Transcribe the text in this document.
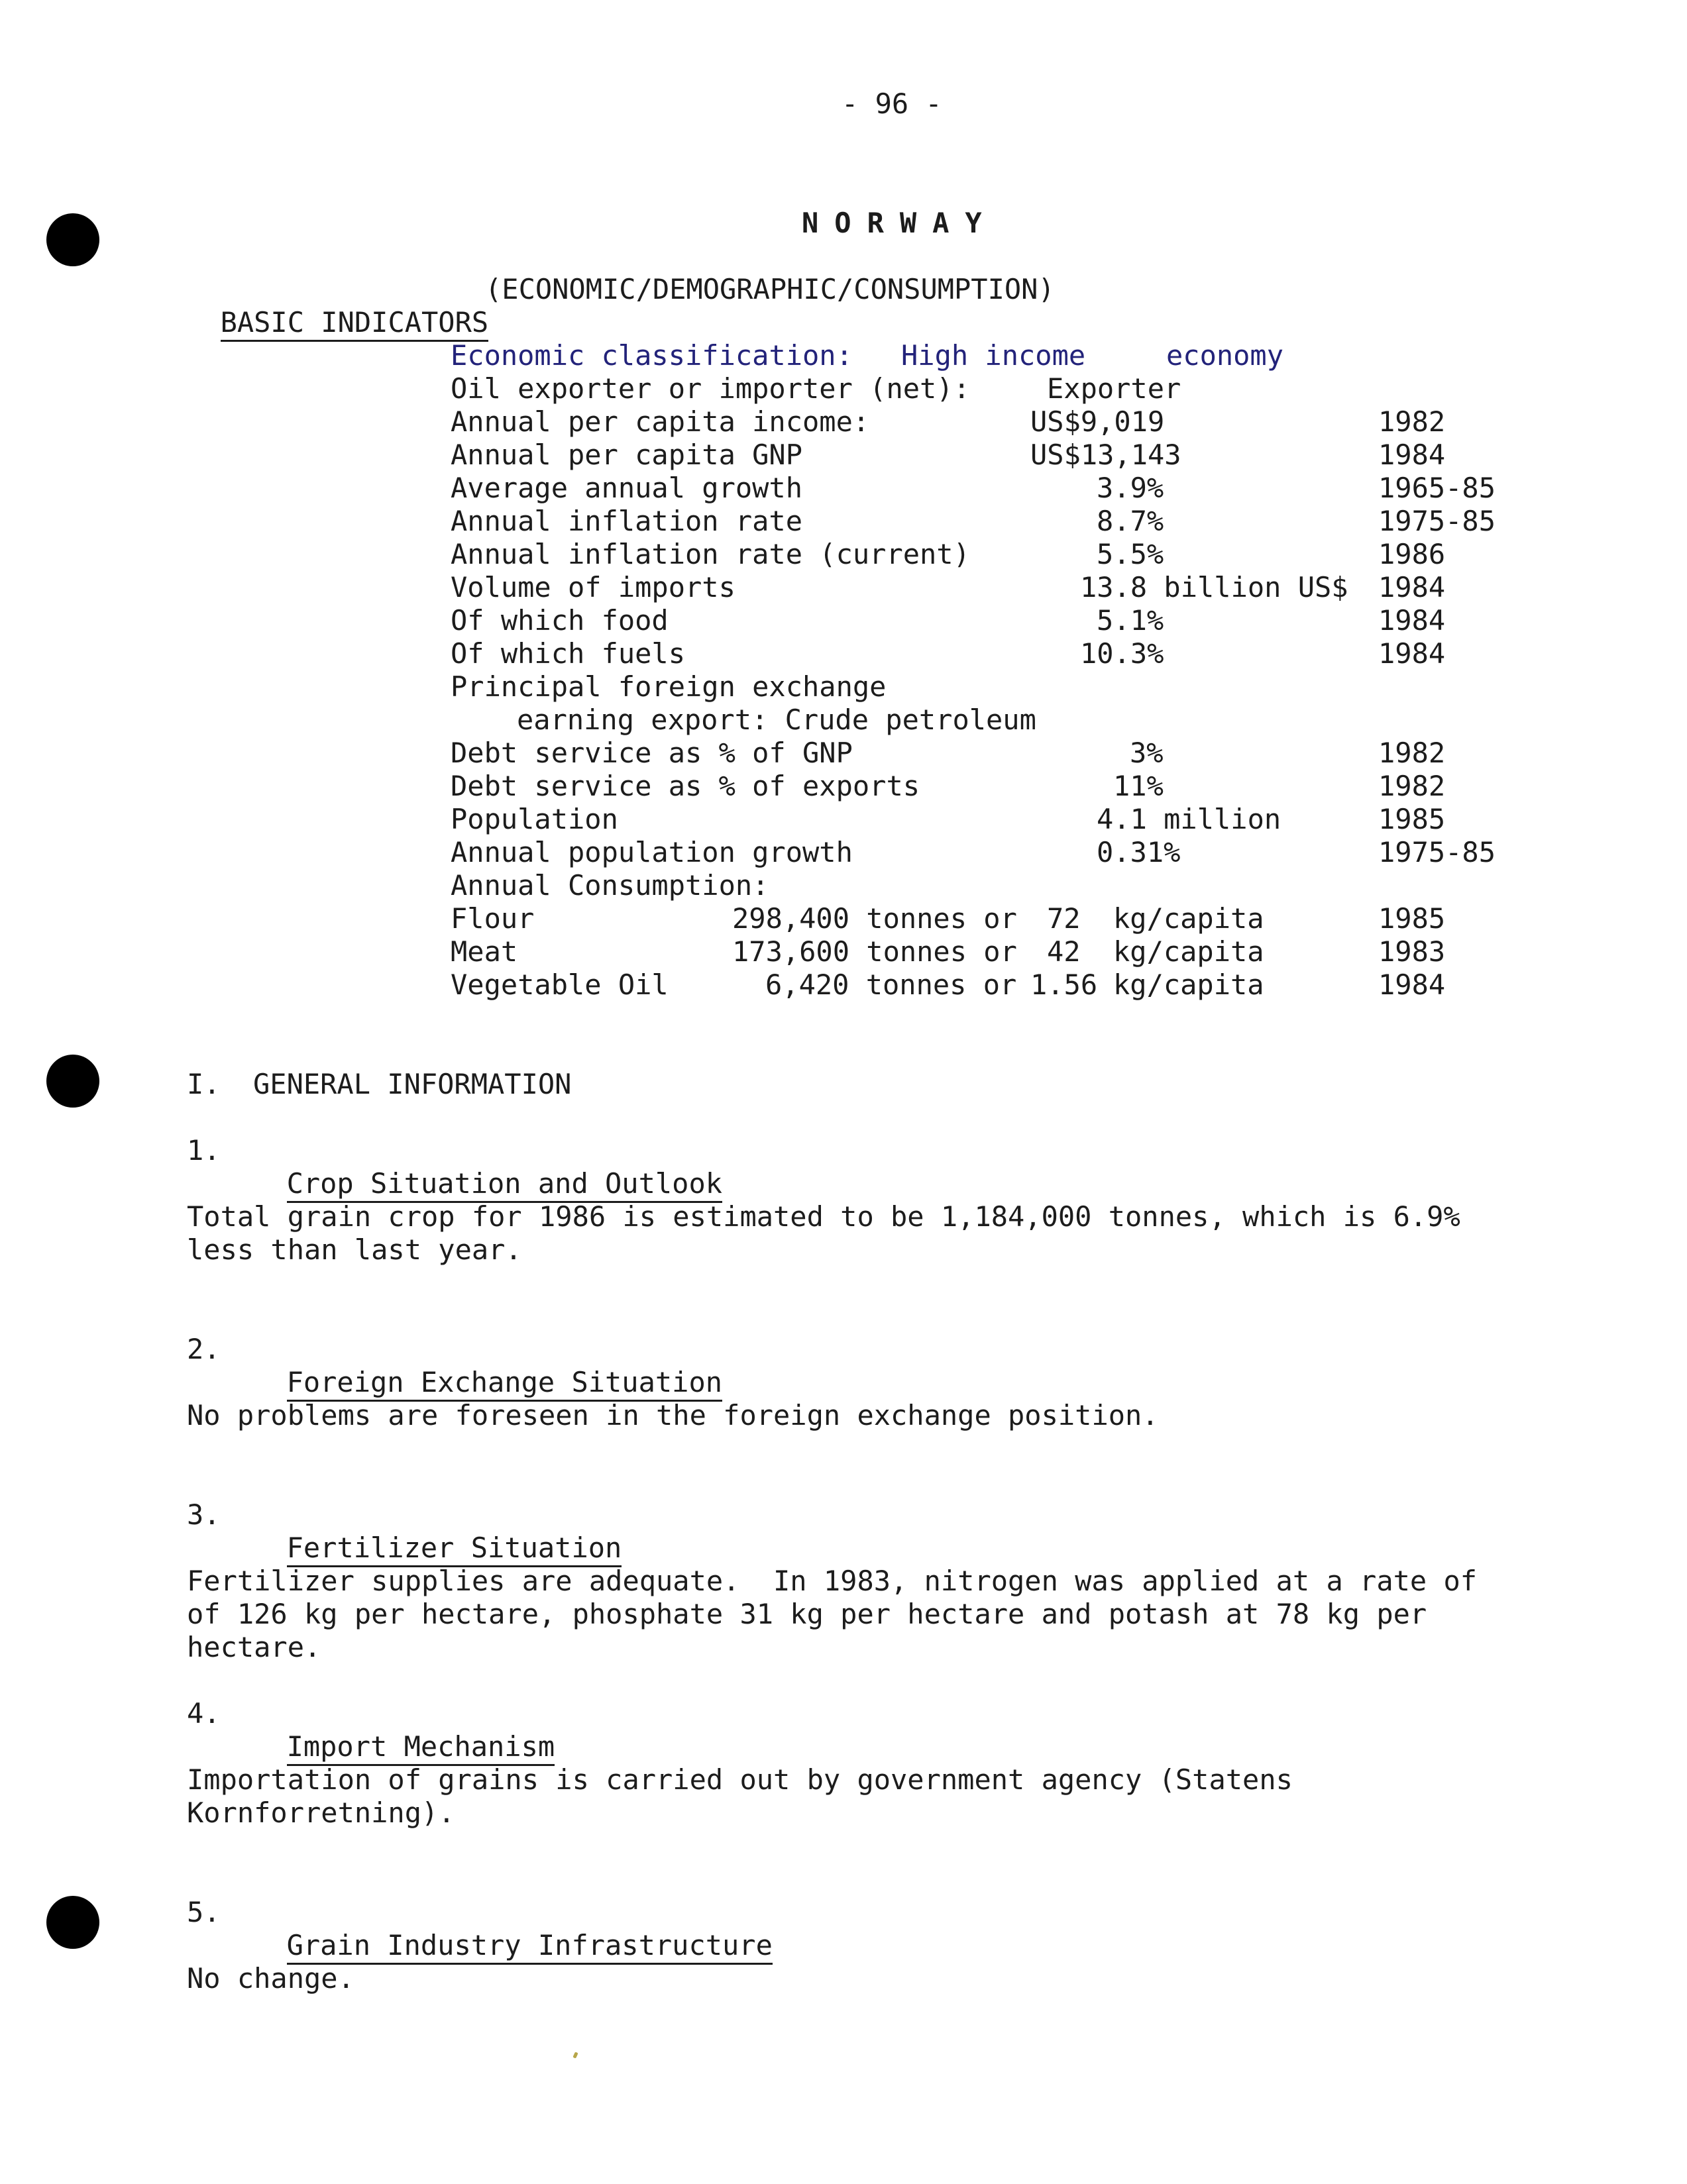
- 96 -
NORWAY

BASIC INDICATORS

(ECONOMIC/DEMOGRAPHIC/CONSUMPTION)
Economic classification: High income	economy
Oil exporter or importer (net):	Exporter
Annual per capita income:	US$9,019	1982
Annual per capita GNP	US$13,143	1984
Average annual growth	3.9%	1965-85
Annual inflation rate	8.7%	1975-85
Annual inflation rate (current)	5.5%	1986
Volume of imports	13.8 billion US$ 1984
Of which food	5.1%	1984
Of which fuels	10.3%	1984
Principal foreign exchange
earning export: Crude petroleum
Debt service as % of GNP	3%	1982
Debt service as % of exports	11%	1982
Population	4.1 million	1985
Annual population growth	0.31%	1975-85
Annual Consumption:
Flour	298,400 tonnes or 72 kg/capita	1985
Meat	173,600 tonnes or 42 kg/capita	1983
Vegetable Oil	6,420 tonnes or 1.56 kg/capita	1984
I. GENERAL INFORMATION
1.

Crop Situation and Outlook

Total grain crop for 1986 is estimated to be 1,184,000 tonnes, which is 6.9%
less than last year.
2.

Foreign Exchange Situation

No problems are foreseen in the foreign exchange position.
3.

Fertilizer Situation

Fertilizer supplies are adequate.  In 1983, nitrogen was applied at a rate of
of 126 kg per hectare, phosphate 31 kg per hectare and potash at 78 kg per
hectare.
4.

Import Mechanism

Importation of grains is carried out by government agency (Statens
Kornforretning).
5.

Grain Industry Infrastructure

No change.
